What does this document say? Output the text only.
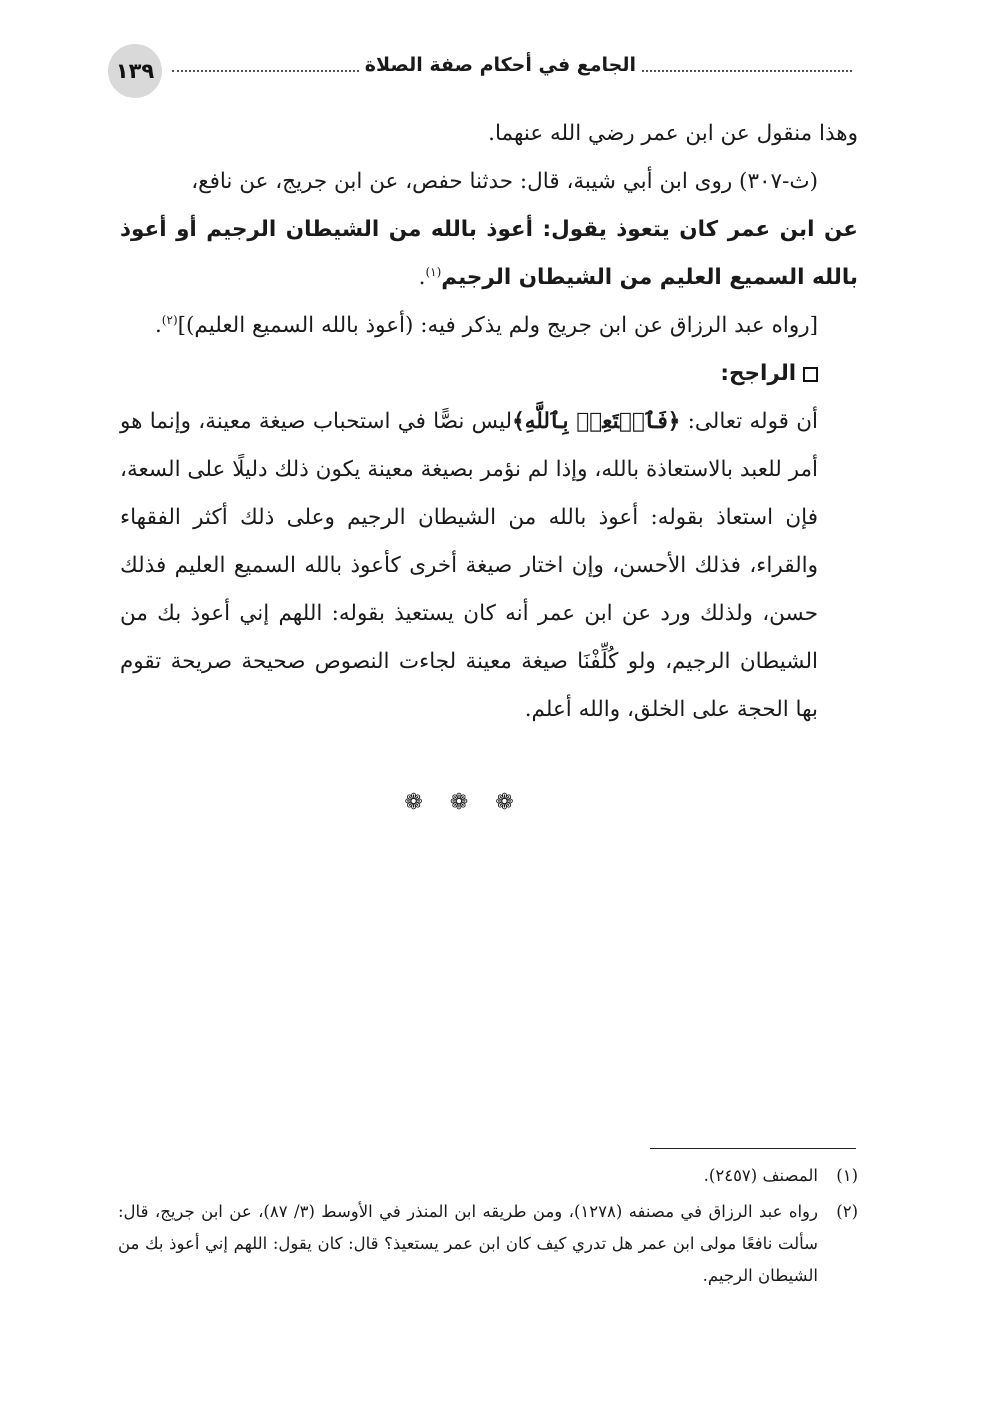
الجامع في أحكام صفة الصلاة
١٣٩

وهذا منقول عن ابن عمر رضي الله عنهما.

(ث-٣٠٧) روى ابن أبي شيبة، قال: حدثنا حفص، عن ابن جريج، عن نافع،

عن ابن عمر كان يتعوذ يقول: أعوذ بالله من الشيطان الرجيم أو أعوذ بالله السميع العليم من الشيطان الرجيم$^{(١)}$.

[رواه عبد الرزاق عن ابن جريج ولم يذكر فيه: (أعوذ بالله السميع العليم)]$^{(٢)}$.

الراجح:

أن قوله تعالى: ﴿فَٱسۡتَعِذۡ بِٱللَّهِ﴾ليس نصًّا في استحباب صيغة معينة، وإنما هو أمر للعبد بالاستعاذة بالله، وإذا لم نؤمر بصيغة معينة يكون ذلك دليلًا على السعة، فإن استعاذ بقوله: أعوذ بالله من الشيطان الرجيم وعلى ذلك أكثر الفقهاء والقراء، فذلك الأحسن، وإن اختار صيغة أخرى كأعوذ بالله السميع العليم فذلك حسن، ولذلك ورد عن ابن عمر أنه كان يستعيذ بقوله: اللهم إني أعوذ بك من الشيطان الرجيم، ولو كُلِّفْنَا صيغة معينة لجاءت النصوص صحيحة صريحة تقوم بها الحجة على الخلق، والله أعلم.

❁ ❁ ❁
(١)
المصنف (٢٤٥٧).
(٢)
رواه عبد الرزاق في مصنفه (١٢٧٨)، ومن طريقه ابن المنذر في الأوسط (٣/ ٨٧)، عن ابن جريج، قال: سألت نافعًا مولى ابن عمر هل تدري كيف كان ابن عمر يستعيذ؟ قال: كان يقول: اللهم إني أعوذ بك من الشيطان الرجيم.
